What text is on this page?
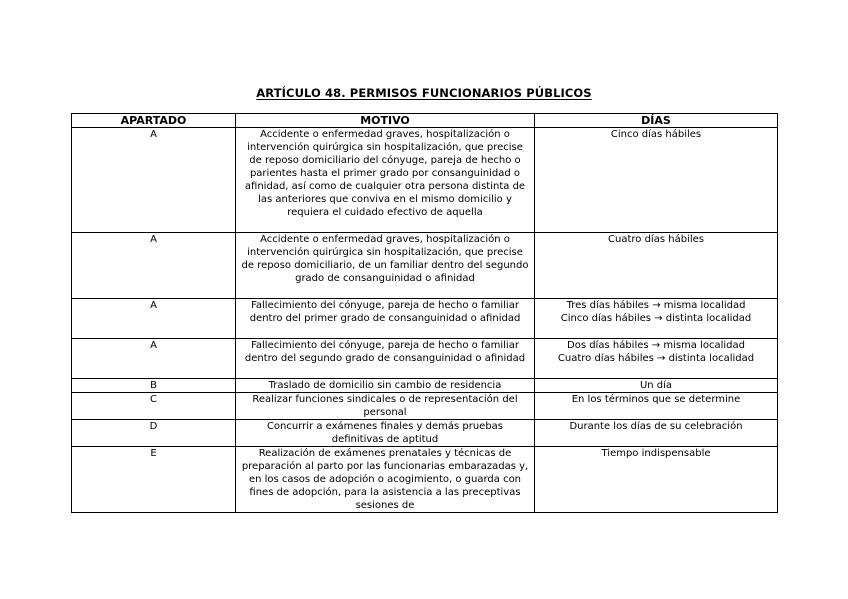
ARTÍCULO 48. PERMISOS FUNCIONARIOS PÚBLICOS
APARTADO	MOTIVO	DÍAS
A	Accidente o enfermedad graves, hospitalización o intervención quirúrgica sin hospitalización, que precise de reposo domiciliario del cónyuge, pareja de hecho o parientes hasta el primer grado por consanguinidad o afinidad, así como de cualquier otra persona distinta de las anteriores que conviva en el mismo domicilio y requiera el cuidado efectivo de aquella	Cinco días hábiles

A	Accidente o enfermedad graves, hospitalización o intervención quirúrgica sin hospitalización, que precise de reposo domiciliario, de un familiar dentro del segundo grado de consanguinidad o afinidad	Cuatro días hábiles

A	Fallecimiento del cónyuge, pareja de hecho o familiar dentro del primer grado de consanguinidad o afinidad	Tres días hábiles → misma localidad
Cinco días hábiles → distinta localidad

A	Fallecimiento del cónyuge, pareja de hecho o familiar dentro del segundo grado de consanguinidad o afinidad	Dos días hábiles → misma localidad
Cuatro días hábiles → distinta localidad

B	Traslado de domicilio sin cambio de residencia	Un día

C	Realizar funciones sindicales o de representación del personal	En los términos que se determine

D	Concurrir a exámenes finales y demás pruebas definitivas de aptitud	Durante los días de su celebración

E	Realización de exámenes prenatales y técnicas de preparación al parto por las funcionarias embarazadas y, en los casos de adopción o acogimiento, o guarda con fines de adopción, para la asistencia a las preceptivas sesiones de	Tiempo indispensable
